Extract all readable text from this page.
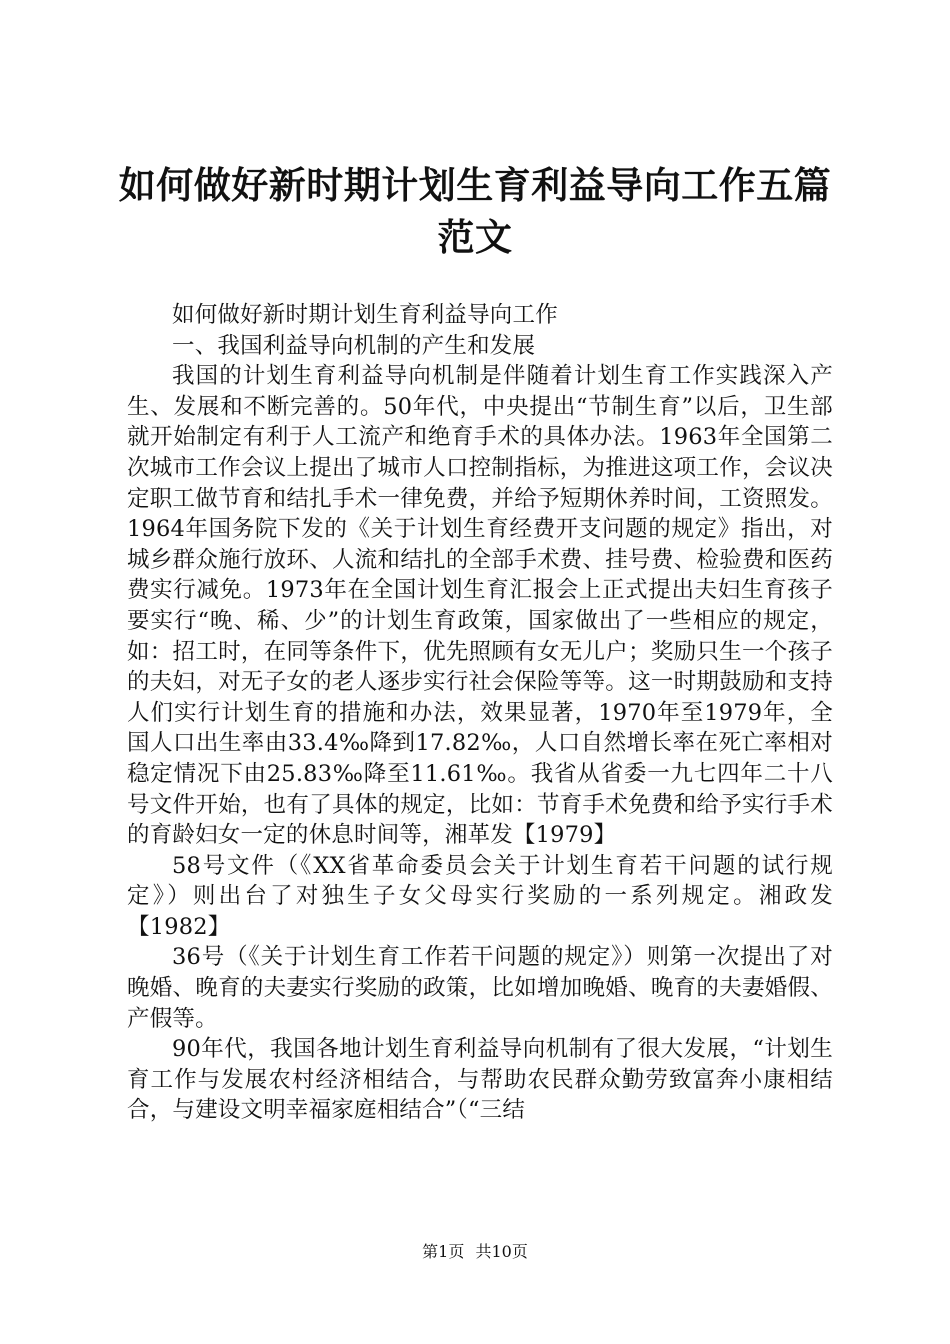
如何做好新时期计划生育利益导向工作五篇范文

如何做好新时期计划生育利益导向工作

一、我国利益导向机制的产生和发展

我国的计划生育利益导向机制是伴随着计划生育工作实践深入产生、发展和不断完善的。50年代，中央提出“节制生育”以后，卫生部就开始制定有利于人工流产和绝育手术的具体办法。1963年全国第二次城市工作会议上提出了城市人口控制指标，为推进这项工作，会议决定职工做节育和结扎手术一律免费，并给予短期休养时间，工资照发。1964年国务院下发的《关于计划生育经费开支问题的规定》指出，对城乡群众施行放环、人流和结扎的全部手术费、挂号费、检验费和医药费实行减免。1973年在全国计划生育汇报会上正式提出夫妇生育孩子要实行“晚、稀、少”的计划生育政策，国家做出了一些相应的规定，如：招工时，在同等条件下，优先照顾有女无儿户；奖励只生一个孩子的夫妇，对无子女的老人逐步实行社会保险等等。这一时期鼓励和支持人们实行计划生育的措施和办法，效果显著，1970年至1979年，全国人口出生率由33.4‰降到17.82‰，人口自然增长率在死亡率相对稳定情况下由25.83‰降至11.61‰。我省从省委一九七四年二十八号文件开始，也有了具体的规定，比如：节育手术免费和给予实行手术的育龄妇女一定的休息时间等，湘革发【1979】

58号文件（《XX省革命委员会关于计划生育若干问题的试行规定》）则出台了对独生子女父母实行奖励的一系列规定。湘政发【1982】

36号（《关于计划生育工作若干问题的规定》）则第一次提出了对晚婚、晚育的夫妻实行奖励的政策，比如增加晚婚、晚育的夫妻婚假、产假等。

90年代，我国各地计划生育利益导向机制有了很大发展，“计划生育工作与发展农村经济相结合，与帮助农民群众勤劳致富奔小康相结合，与建设文明幸福家庭相结合”（“三结

第1页 共10页
